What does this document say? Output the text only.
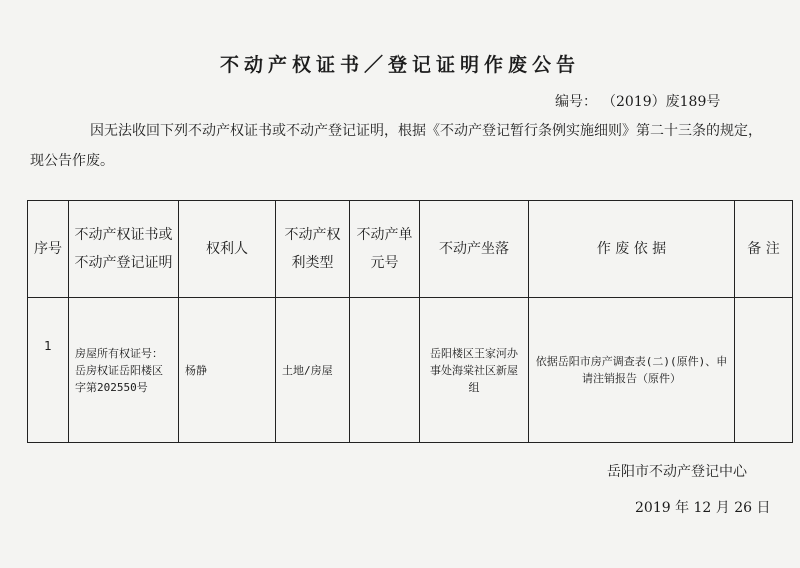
不动产权证书／登记证明作废公告
编号： （2019）废189号
因无法收回下列不动产权证书或不动产登记证明，根据《不动产登记暂行条例实施细则》第二十三条的规定，现公告作废。
序号	不动产权证书或不动产登记证明	权利人	不动产权利类型	不动产单元号	不动产坐落	作 废 依 据	备 注
1	房屋所有权证号：岳房权证岳阳楼区字第202550号	杨静	土地/房屋		岳阳楼区王家河办事处海棠社区新屋组	依据岳阳市房产调查表(二)(原件)、申请注销报告（原件）	
岳阳市不动产登记中心
2019 年 12 月 26 日
